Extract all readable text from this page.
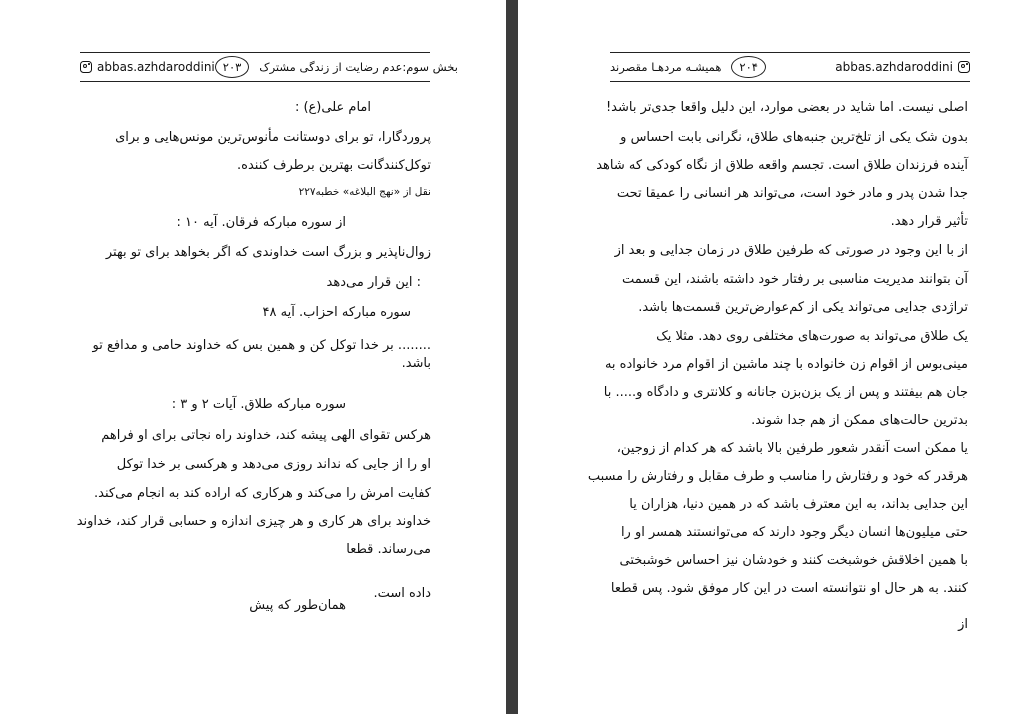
abbas.azhdaroddini ۲۰۳	بخش سوم:عدم رضایت از زندگی مشترک
امام علی(ع) :
پروردگارا، تو برای دوستانت مأنوس‌ترین مونس‌هایی و برای
توکل‌کنندگانت بهترین برطرف کننده.
نقل از «نهج البلاغه» خطبه۲۲۷
از سوره مبارکه فرقان. آیه ۱۰ :
زوال‌ناپذیر و بزرگ است خداوندی که اگر بخواهد برای تو بهتر
: این قرار می‌دهد
سوره مبارکه احزاب. آیه ۴۸
........ بر خدا توکل کن و همین بس که خداوند حامی و مدافع تو
باشد.
سوره مبارکه طلاق. آیات ۲ و ۳ :
هرکس تقوای الهی پیشه کند، خداوند راه نجاتی برای او فراهم
او را از جایی که نداند روزی می‌دهد و هرکسی بر خدا توکل
کفایت امرش را می‌کند و هرکاری که اراده کند به انجام می‌کند.
خداوند برای هر کاری و هر چیزی اندازه و حسابی قرار کند، خداوند
می‌رساند. قطعا
داده است.
همان‌طور که پیش
همیشـه مردهـا مقصرند	۲۰۴	abbas.azhdaroddini
اصلی نیست. اما شاید در بعضی موارد، این دلیل واقعا جدی‌تر باشد!
بدون شک یکی از تلخ‌ترین جنبه‌های طلاق، نگرانی بابت احساس و
آینده فرزندان طلاق است. تجسم واقعه طلاق از نگاه کودکی که شاهد
جدا شدن پدر و مادر خود است، می‌تواند هر انسانی را عمیقا تحت
تأثیر قرار دهد.
از با این وجود در صورتی که طرفین طلاق در زمان جدایی و بعد از
آن بتوانند مدیریت مناسبی بر رفتار خود داشته باشند، این قسمت
تراژدی جدایی می‌تواند یکی از کم‌عوارض‌ترین قسمت‌ها باشد.
یک طلاق می‌تواند به صورت‌های مختلفی روی دهد. مثلا یک
مینی‌بوس از اقوام زن خانواده با چند ماشین از اقوام مرد خانواده به
جان هم بیفتند و پس از یک بزن‌بزن جانانه و کلانتری و دادگاه و..... با
بدترین حالت‌های ممکن از هم جدا شوند.
یا ممکن است آنقدر شعور طرفین بالا باشد که هر کدام از زوجین،
هرقدر که خود و رفتارش را مناسب و طرف مقابل و رفتارش را مسبب
این جدایی بداند، به این معترف باشد که در همین دنیا، هزاران یا
حتی میلیون‌ها انسان دیگر وجود دارند که می‌توانستند همسر او را
با همین اخلاقش خوشبخت کنند و خودشان نیز احساس خوشبختی
کنند. به هر حال او نتوانسته است در این کار موفق شود. پس قطعا
از
